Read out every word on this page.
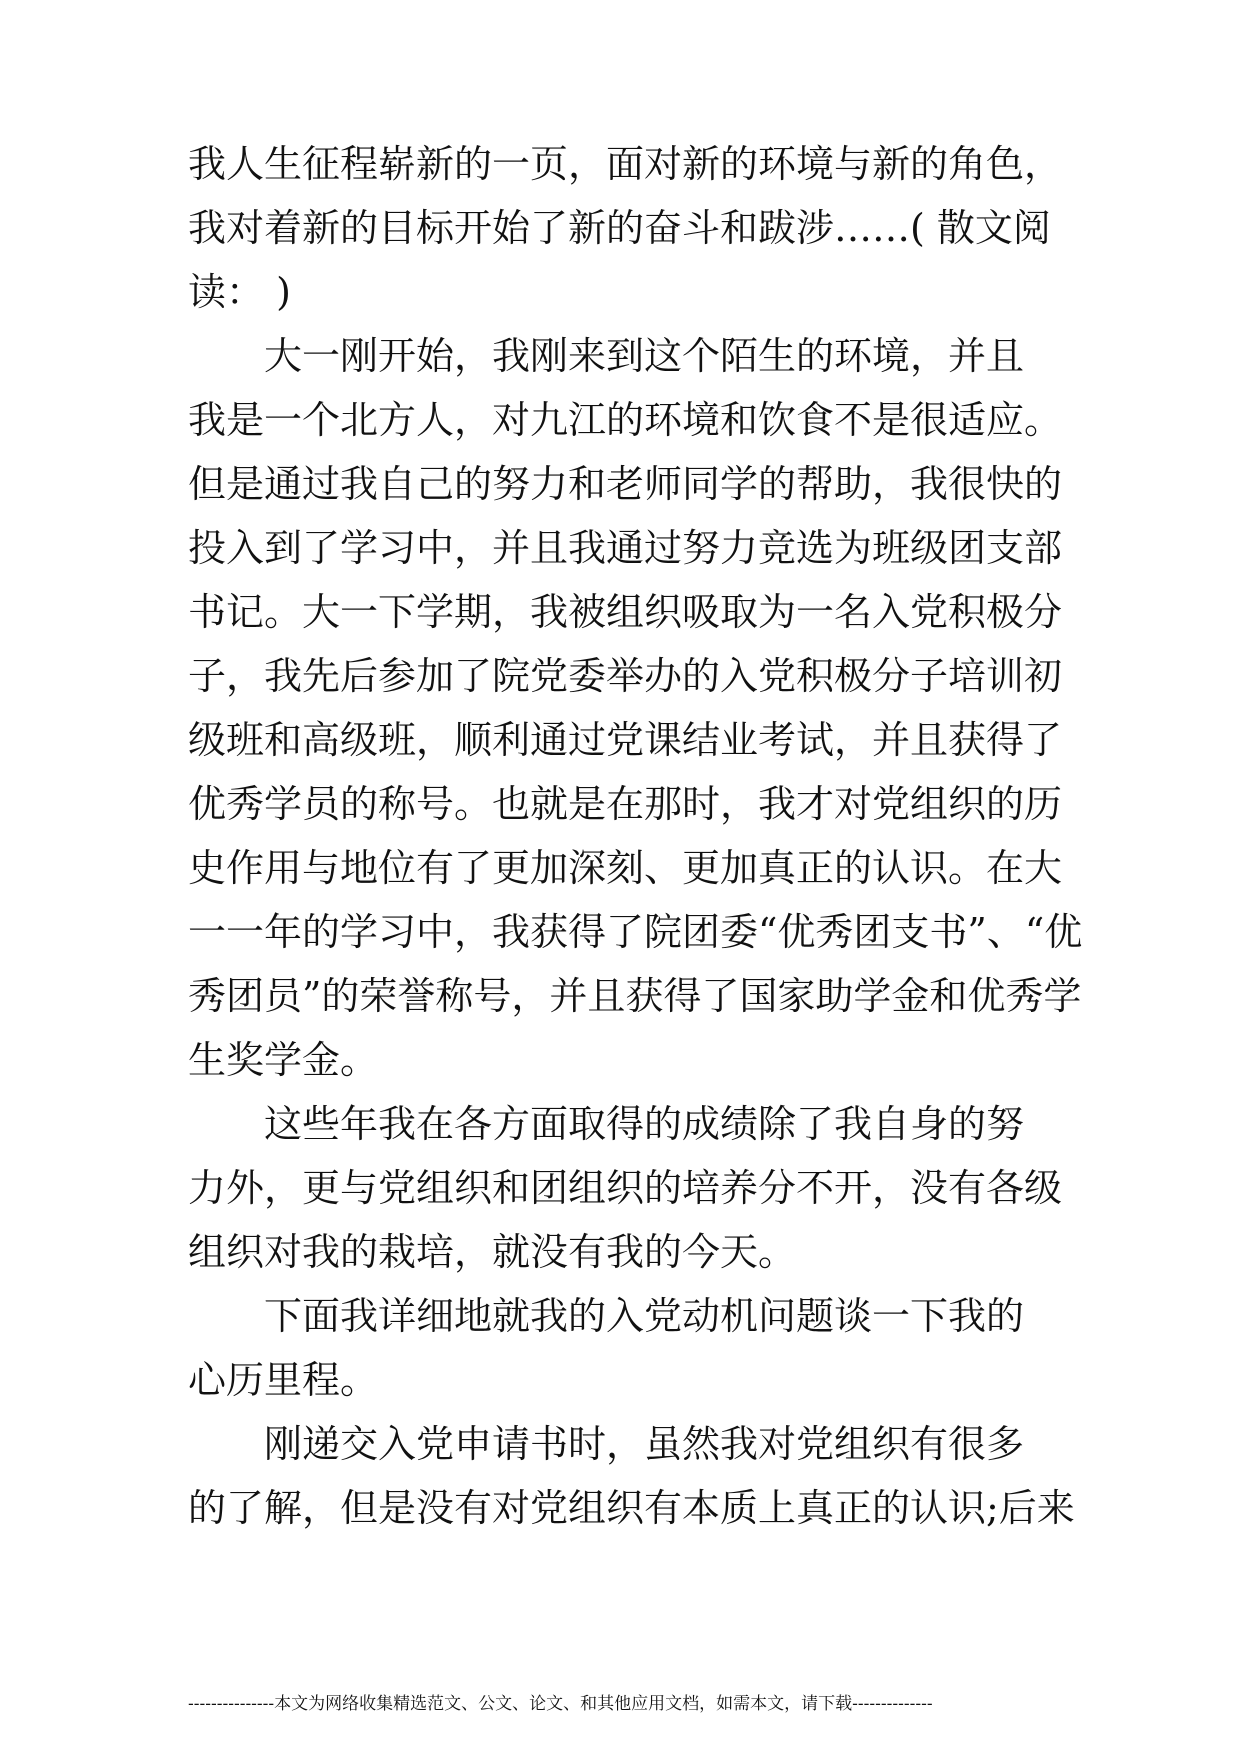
我人生征程崭新的一页，面对新的环境与新的角色，
我对着新的目标开始了新的奋斗和跋涉……( 散文阅
读： )
　　大一刚开始，我刚来到这个陌生的环境，并且
我是一个北方人，对九江的环境和饮食不是很适应。
但是通过我自己的努力和老师同学的帮助，我很快的
投入到了学习中，并且我通过努力竞选为班级团支部
书记。大一下学期，我被组织吸取为一名入党积极分
子，我先后参加了院党委举办的入党积极分子培训初
级班和高级班，顺利通过党课结业考试，并且获得了
优秀学员的称号。也就是在那时，我才对党组织的历
史作用与地位有了更加深刻、更加真正的认识。在大
一一年的学习中，我获得了院团委“优秀团支书”、“优
秀团员”的荣誉称号，并且获得了国家助学金和优秀学
生奖学金。
　　这些年我在各方面取得的成绩除了我自身的努
力外，更与党组织和团组织的培养分不开，没有各级
组织对我的栽培，就没有我的今天。
　　下面我详细地就我的入党动机问题谈一下我的
心历里程。
　　刚递交入党申请书时，虽然我对党组织有很多
的了解，但是没有对党组织有本质上真正的认识;后来
---------------本文为网络收集精选范文、公文、论文、和其他应用文档，如需本文，请下载--------------
